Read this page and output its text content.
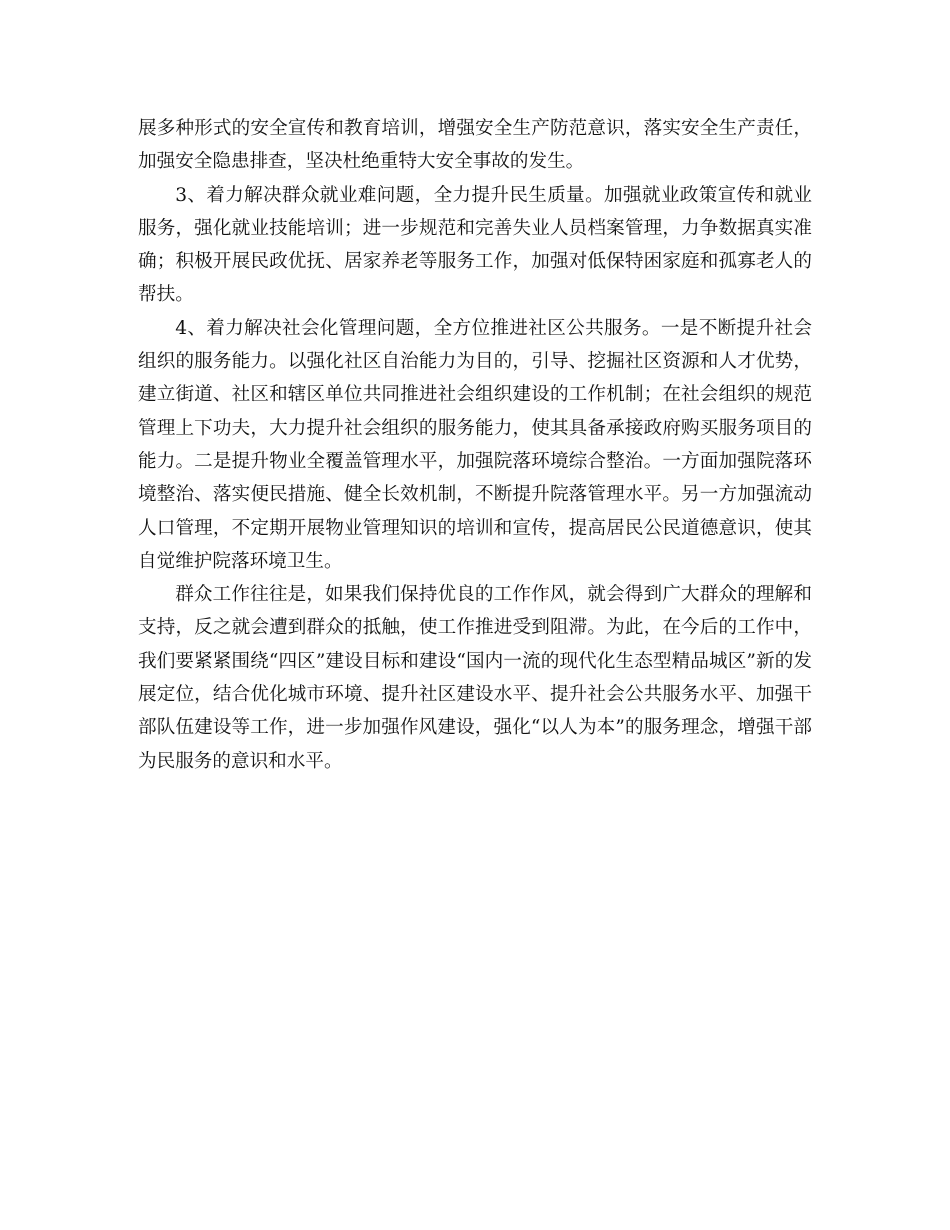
展多种形式的安全宣传和教育培训，增强安全生产防范意识，落实安全生产责任，加强安全隐患排查，坚决杜绝重特大安全事故的发生。

3、着力解决群众就业难问题，全力提升民生质量。加强就业政策宣传和就业服务，强化就业技能培训；进一步规范和完善失业人员档案管理，力争数据真实准确；积极开展民政优抚、居家养老等服务工作，加强对低保特困家庭和孤寡老人的帮扶。

4、着力解决社会化管理问题，全方位推进社区公共服务。一是不断提升社会组织的服务能力。以强化社区自治能力为目的，引导、挖掘社区资源和人才优势，建立街道、社区和辖区单位共同推进社会组织建设的工作机制；在社会组织的规范管理上下功夫，大力提升社会组织的服务能力，使其具备承接政府购买服务项目的能力。二是提升物业全覆盖管理水平，加强院落环境综合整治。一方面加强院落环境整治、落实便民措施、健全长效机制，不断提升院落管理水平。另一方加强流动人口管理，不定期开展物业管理知识的培训和宣传，提高居民公民道德意识，使其自觉维护院落环境卫生。

群众工作往往是，如果我们保持优良的工作作风，就会得到广大群众的理解和支持，反之就会遭到群众的抵触，使工作推进受到阻滞。为此，在今后的工作中，我们要紧紧围绕“四区”建设目标和建设“国内一流的现代化生态型精品城区”新的发展定位，结合优化城市环境、提升社区建设水平、提升社会公共服务水平、加强干部队伍建设等工作，进一步加强作风建设，强化“以人为本”的服务理念，增强干部为民服务的意识和水平。
